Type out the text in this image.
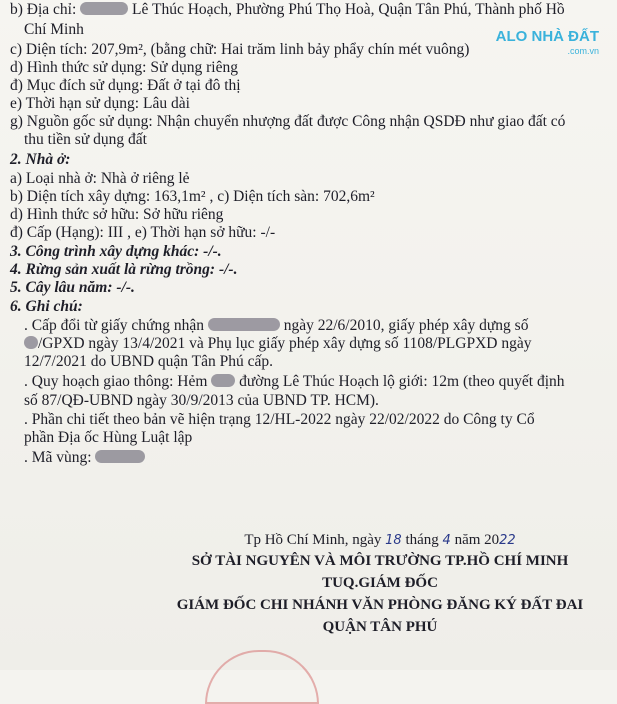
ALO NHÀ ĐẤT
.com.vn
b) Địa chỉ:	Lê Thúc Hoạch, Phường Phú Thọ Hoà, Quận Tân Phú, Thành phố Hồ
Chí Minh
c) Diện tích: 207,9m², (bằng chữ: Hai trăm linh bảy phẩy chín mét vuông)
d) Hình thức sử dụng: Sử dụng riêng
đ) Mục đích sử dụng: Đất ở tại đô thị
e) Thời hạn sử dụng: Lâu dài
g) Nguồn gốc sử dụng: Nhận chuyển nhượng đất được Công nhận QSDĐ như giao đất có
thu tiền sử dụng đất
2. Nhà ở:
a) Loại nhà ở: Nhà ở riêng lẻ
b) Diện tích xây dựng: 163,1m² , c) Diện tích sàn: 702,6m²
d) Hình thức sở hữu: Sở hữu riêng
đ) Cấp (Hạng): III , e) Thời hạn sở hữu: -/-
3. Công trình xây dựng khác: -/-.
4. Rừng sản xuất là rừng trồng: -/-.
5. Cây lâu năm: -/-.
6. Ghi chú:
. Cấp đổi từ giấy chứng nhận	ngày 22/6/2010, giấy phép xây dựng số
/GPXD ngày 13/4/2021 và Phụ lục giấy phép xây dựng số 1108/PLGPXD ngày
12/7/2021 do UBND quận Tân Phú cấp.
. Quy hoạch giao thông: Hẻm đường Lê Thúc Hoạch lộ giới: 12m (theo quyết định
số 87/QĐ-UBND ngày 30/9/2013 của UBND TP. HCM).
. Phần chi tiết theo bản vẽ hiện trạng 12/HL-2022 ngày 22/02/2022 do Công ty Cổ
phần Địa ốc Hùng Luật lập
. Mã vùng:
Tp Hồ Chí Minh, ngày 18 tháng 4 năm 2022
SỞ TÀI NGUYÊN VÀ MÔI TRƯỜNG TP.HỒ CHÍ MINH
TUQ.GIÁM ĐỐC
GIÁM ĐỐC CHI NHÁNH VĂN PHÒNG ĐĂNG KÝ ĐẤT ĐAI
QUẬN TÂN PHÚ
